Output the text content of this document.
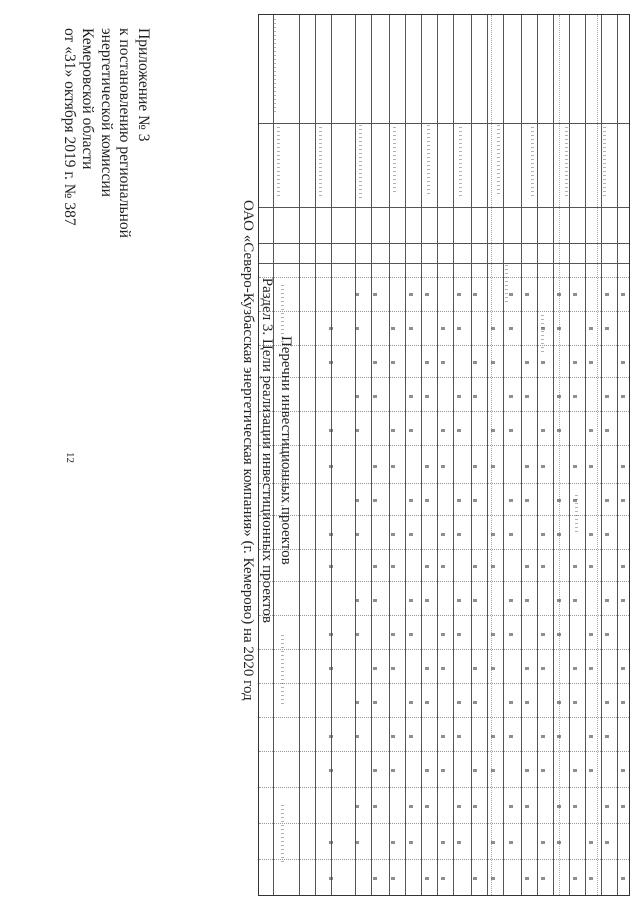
12
Приложение № 3
к постановлению региональной
энергетической комиссии
Кемеровской области
от «31» октября 2019 г. № 387
Перечни инвестиционных проектов
Раздел 3. Цели реализации инвестиционных проектов
ОАО «Северо-Кузбасская энергетическая компания» (г. Кемерово) на 2020 год
